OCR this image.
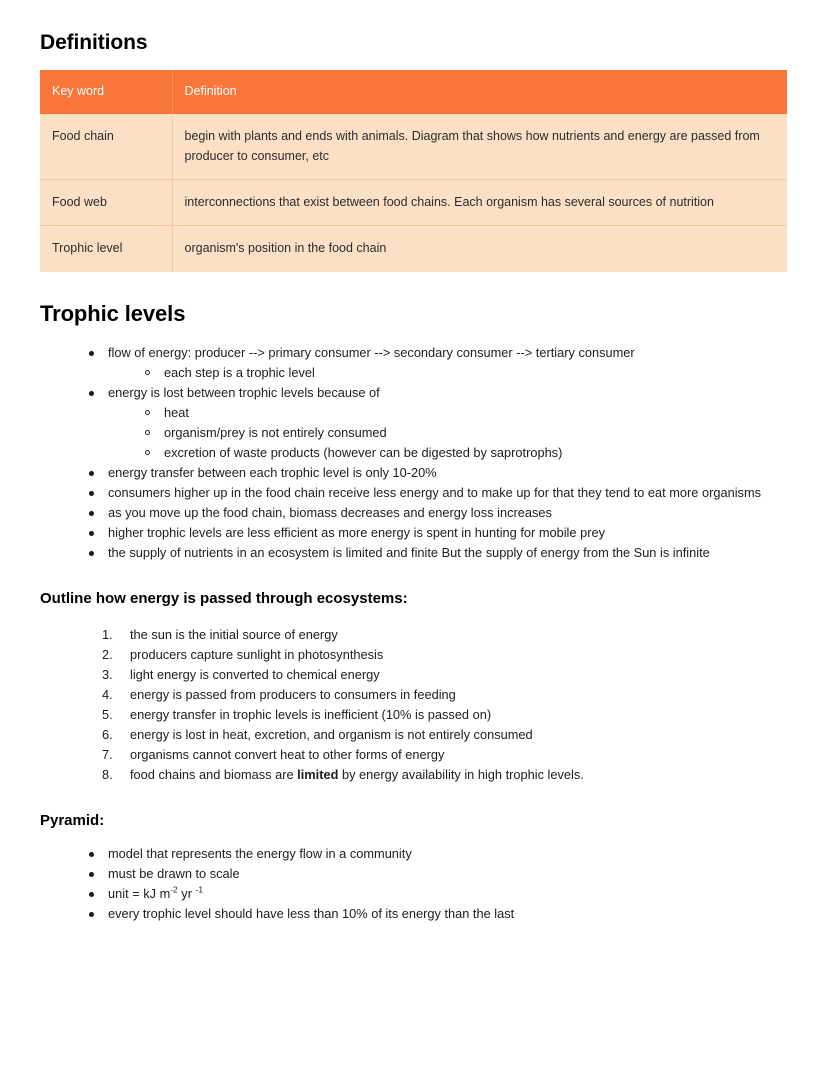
Definitions
Key word	Definition
Food chain	begin with plants and ends with animals. Diagram that shows how nutrients and energy are passed from producer to consumer, etc
Food web	interconnections that exist between food chains. Each organism has several sources of nutrition
Trophic level	organism's position in the food chain
Trophic levels
flow of energy: producer --> primary consumer --> secondary consumer --> tertiary consumer
each step is a trophic level
energy is lost between trophic levels because of
heat
organism/prey is not entirely consumed
excretion of waste products (however can be digested by saprotrophs)
energy transfer between each trophic level is only 10-20%
consumers higher up in the food chain receive less energy and to make up for that they tend to eat more organisms
as you move up the food chain, biomass decreases and energy loss increases
higher trophic levels are less efficient as more energy is spent in hunting for mobile prey
the supply of nutrients in an ecosystem is limited and finite But the supply of energy from the Sun is infinite
Outline how energy is passed through ecosystems:
the sun is the initial source of energy
producers capture sunlight in photosynthesis
light energy is converted to chemical energy
energy is passed from producers to consumers in feeding
energy transfer in trophic levels is inefficient (10% is passed on)
energy is lost in heat, excretion, and organism is not entirely consumed
organisms cannot convert heat to other forms of energy
food chains and biomass are limited by energy availability in high trophic levels.
Pyramid:
model that represents the energy flow in a community
must be drawn to scale
unit = kJ $m^{-2}$ yr $^{-1}$
every trophic level should have less than 10% of its energy than the last
